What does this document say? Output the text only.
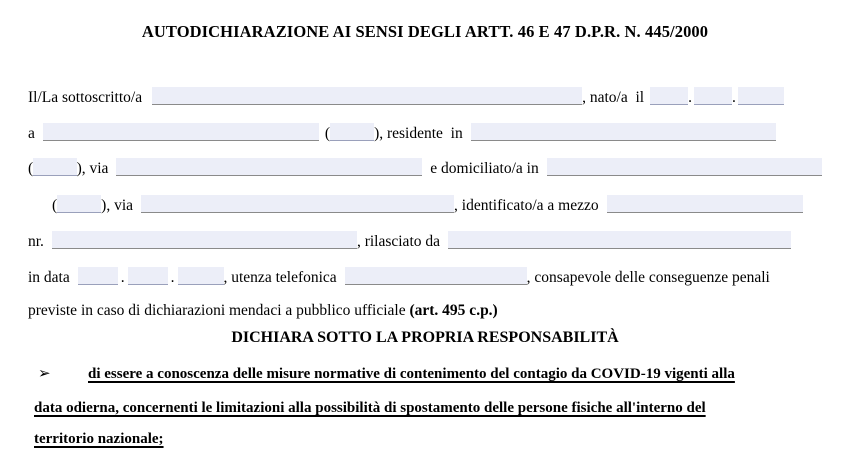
AUTODICHIARAZIONE AI SENSI DEGLI ARTT. 46 E 47 D.P.R. N. 445/2000
Il/La sottoscritto/a	, nato/a  il	.	.
a	(	), residente  in
(	), via	e domiciliato/a in
(	), via	, identificato/a a mezzo
nr.	, rilasciato da
in data	.	.	, utenza telefonica	, consapevole delle conseguenze penali
previste in caso di dichiarazioni mendaci a pubblico ufficiale (art. 495 c.p.)
DICHIARA SOTTO LA PROPRIA RESPONSABILITÀ
➢ di essere a conoscenza delle misure normative di contenimento del contagio da COVID-19 vigenti alla
data odierna, concernenti le limitazioni alla possibilità di spostamento delle persone fisiche all'interno del
territorio nazionale;
